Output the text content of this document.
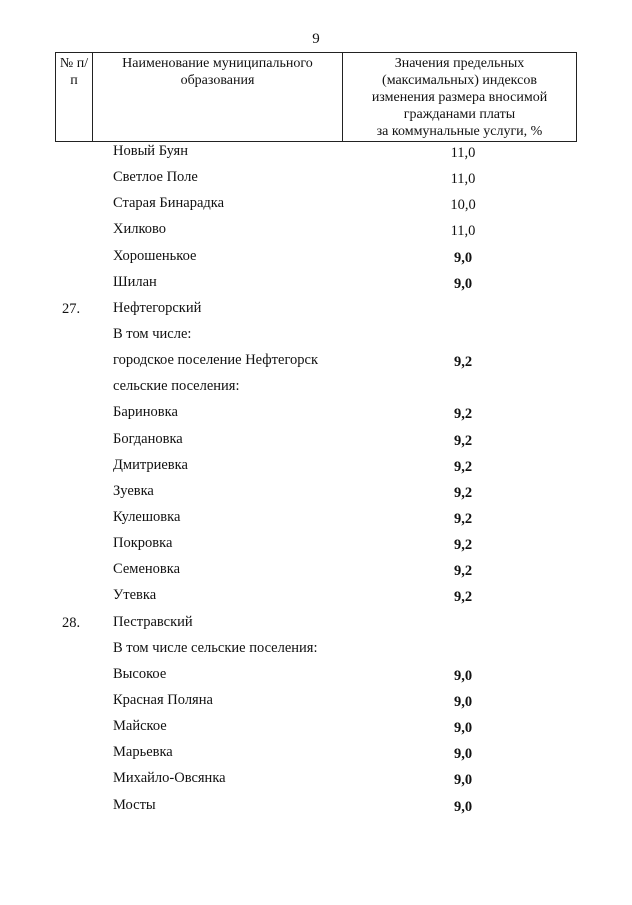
9
№ п/п	Наименование муниципального образования	
Значения предельных
(максимальных) индексов
изменения размера вносимой
гражданами платы
за коммунальные услуги, %
Новый Буян	11,0
Светлое Поле	11,0
Старая Бинарадка	10,0
Хилково	11,0
Хорошенькое	9,0
Шилан	9,0
27. Нефтегорский
В том числе:
городское поселение Нефтегорск	9,2
сельские поселения:
Бариновка	9,2
Богдановка	9,2
Дмитриевка	9,2
Зуевка	9,2
Кулешовка	9,2
Покровка	9,2
Семеновка	9,2
Утевка	9,2
28. Пестравский
В том числе сельские поселения:
Высокое	9,0
Красная Поляна	9,0
Майское	9,0
Марьевка	9,0
Михайло-Овсянка	9,0
Мосты	9,0
